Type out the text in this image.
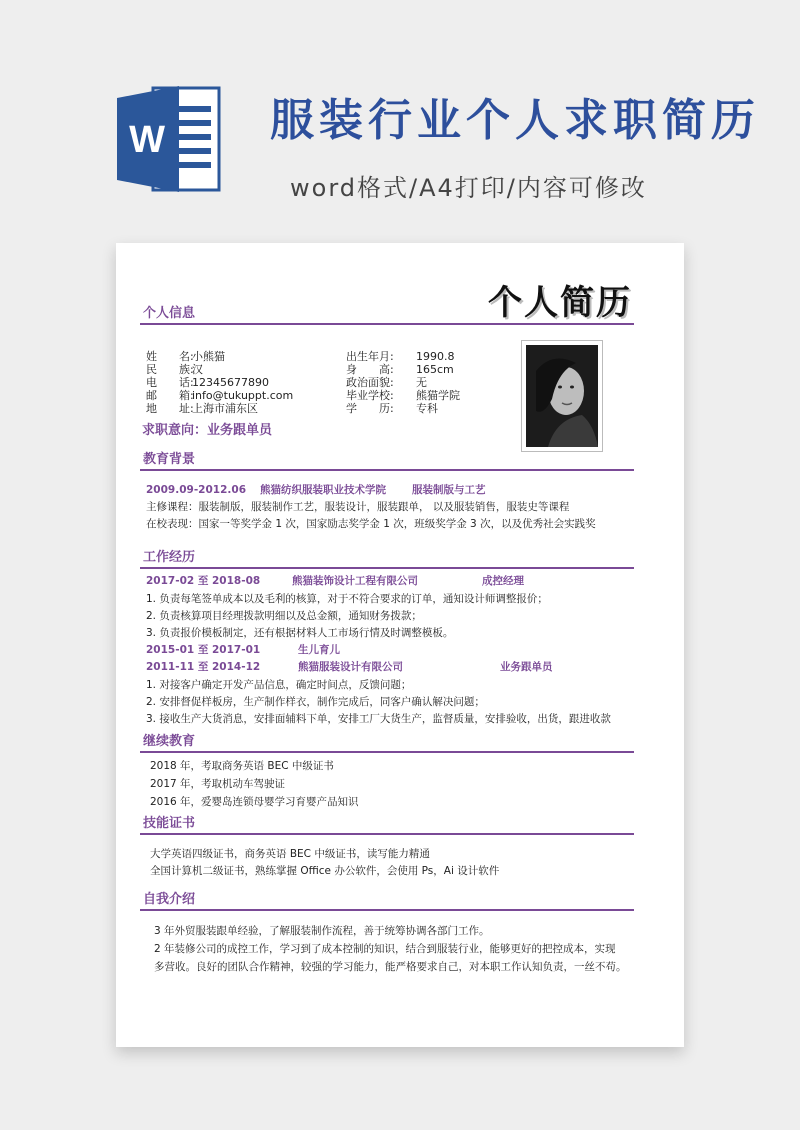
W 服装行业个人求职简历
word格式/A4打印/内容可修改
个人简历
个人信息
姓　　名:小熊猫
民　　族:汉
电　　话:12345677890
邮　　箱:info@tukuppt.com
地　　址:上海市浦东区
出生年月: 1990.8
身　　高: 165cm
政治面貌: 无
毕业学校: 熊猫学院
学　　历: 专科
求职意向：业务跟单员
教育背景
2009.09-2012.06 熊猫纺织服装职业技术学院 服装制版与工艺
主修课程：服装制版，服装制作工艺，服装设计，服装跟单， 以及服装销售，服装史等课程
在校表现：国家一等奖学金 1 次，国家励志奖学金 1 次，班级奖学金 3 次，以及优秀社会实践奖
工作经历
2017-02 至 2018-08	熊猫装饰设计工程有限公司	成控经理
1. 负责每笔签单成本以及毛利的核算，对于不符合要求的订单，通知设计师调整报价；
2. 负责核算项目经理拨款明细以及总金额，通知财务拨款；
3. 负责报价模板制定，还有根据材料人工市场行情及时调整模板。
2015-01 至 2017-01	生儿育儿
2011-11 至 2014-12	熊猫服装设计有限公司	业务跟单员
1. 对接客户确定开发产品信息，确定时间点，反馈问题；
2. 安排督促样板房，生产制作样衣，制作完成后，同客户确认解决问题；
3. 接收生产大货消息，安排面辅料下单，安排工厂大货生产，监督质量，安排验收，出货，跟进收款
继续教育
2018 年，考取商务英语 BEC 中级证书
2017 年，考取机动车驾驶证
2016 年，爱婴岛连锁母婴学习育婴产品知识
技能证书
大学英语四级证书，商务英语 BEC 中级证书，读写能力精通
全国计算机二级证书，熟练掌握 Office 办公软件，会使用 Ps，Ai 设计软件
自我介绍
3 年外贸服装跟单经验，了解服装制作流程，善于统筹协调各部门工作。
2 年装修公司的成控工作，学习到了成本控制的知识，结合到服装行业，能够更好的把控成本，实现
多营收。良好的团队合作精神，较强的学习能力，能严格要求自己，对本职工作认知负责，一丝不苟。
